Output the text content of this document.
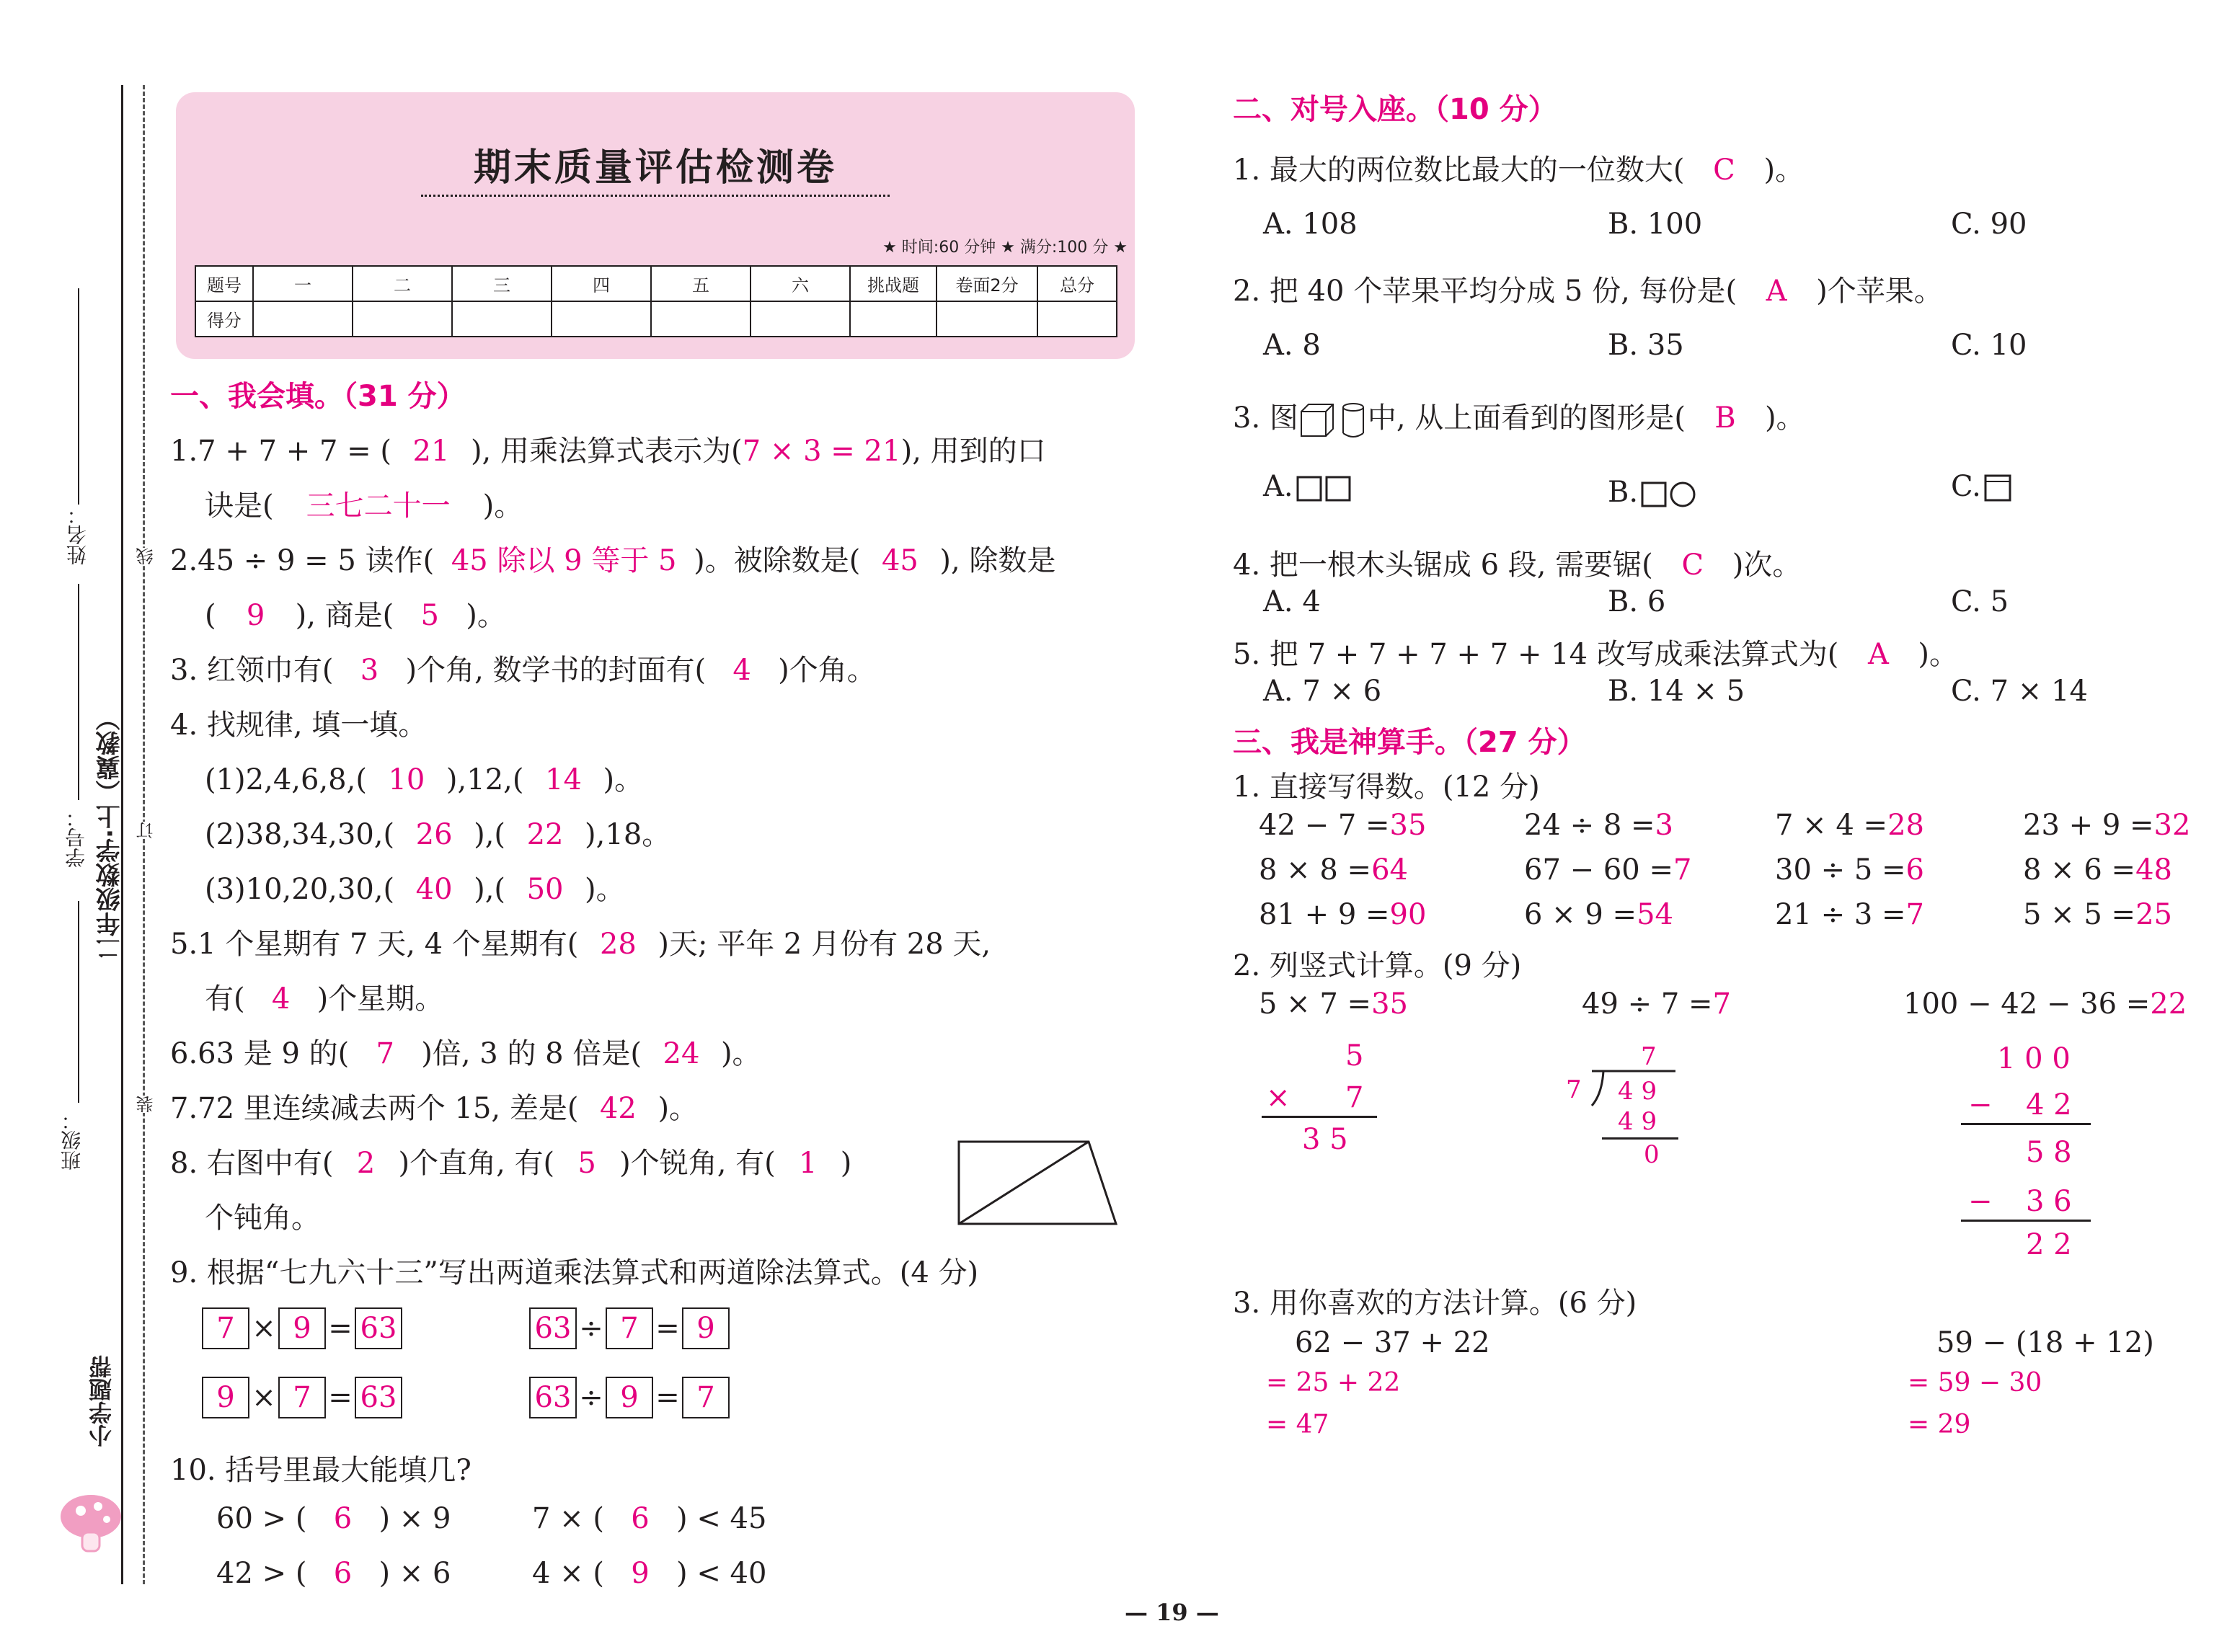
姓名：	线
学号： 二年级数学·上（冀教） 订
班级：
装
小学题帮
期末质量评估检测卷
★ 时间:60 分钟 ★ 满分:100 分 ★
题号	一	二	三	四	五	六	挑战题	卷面2分	总分
得分									
一、我会填。（31 分）
1.7 + 7 + 7 = ( 21 ), 用乘法算式表示为(7 × 3 = 21), 用到的口
诀是( 三七二十一 )。
2.45 ÷ 9 = 5 读作( 45 除以 9 等于 5 )。被除数是( 45 ), 除数是
( 9 ), 商是( 5 )。
3. 红领巾有( 3 )个角, 数学书的封面有( 4 )个角。
4. 找规律, 填一填。
(1)2,4,6,8,( 10 ),12,( 14 )。
(2)38,34,30,( 26 ),( 22 ),18。
(3)10,20,30,( 40 ),( 50 )。
5.1 个星期有 7 天, 4 个星期有( 28 )天; 平年 2 月份有 28 天,
有( 4 )个星期。
6.63 是 9 的( 7 )倍, 3 的 8 倍是( 24 )。
7.72 里连续减去两个 15, 差是( 42 )。
8. 右图中有( 2 )个直角, 有( 5 )个锐角, 有( 1 )
个钝角。
9. 根据“七九六十三”写出两道乘法算式和两道除法算式。(4 分)
7 × 9 = 63	63 ÷ 7 = 9
9 × 7 = 63	63 ÷ 9 = 7
10. 括号里最大能填几?
60 > ( 6 ) × 9	7 × ( 6 ) < 45
42 > ( 6 ) × 6	4 × ( 9 ) < 40
二、对号入座。（10 分）
1. 最大的两位数比最大的一位数大( C )。
A. 108	B. 100	C. 90
2. 把 40 个苹果平均分成 5 份, 每份是( A )个苹果。
A. 8	B. 35	C. 10
3. 图 中, 从上面看到的图形是( B )。
A.	B.	C.
4. 把一根木头锯成 6 段, 需要锯( C )次。
A. 4	B. 6	C. 5
5. 把 7 + 7 + 7 + 7 + 14 改写成乘法算式为( A )。
A. 7 × 6	B. 14 × 5	C. 7 × 14
三、我是神算手。（27 分）
1. 直接写得数。(12 分)
42 − 7 =35	24 ÷ 8 =3	7 × 4 =28	23 + 9 =32
8 × 8 =64	67 − 60 =7	30 ÷ 5 =6	8 × 6 =48
81 + 9 =90	6 × 9 =54	21 ÷ 3 =7	5 × 5 =25
2. 列竖式计算。(9 分)
5 × 7 =35	49 ÷ 7 =7	100 − 42 − 36 =22
5
× 7
3 5
7
7 4 9
4 9
0
1 0 0
− 4 2
5 8
− 3 6
2 2
3. 用你喜欢的方法计算。(6 分)
62 − 37 + 22
= 25 + 22
= 47
59 − (18 + 12)
= 59 − 30
= 29
— 19 —
